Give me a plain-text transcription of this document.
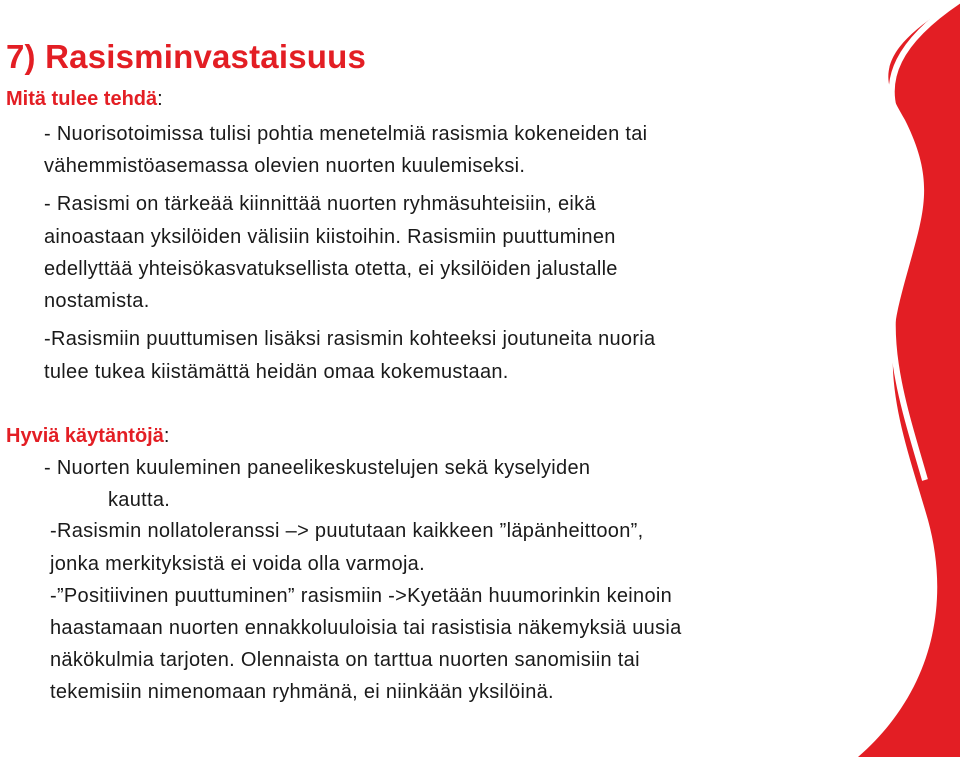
7) Rasisminvastaisuus
Mitä tulee tehdä:

- Nuorisotoimissa tulisi pohtia menetelmiä rasismia kokeneiden tai

vähemmistöasemassa olevien nuorten kuulemiseksi.

- Rasismi on tärkeää kiinnittää nuorten ryhmäsuhteisiin, eikä

ainoastaan yksilöiden välisiin kiistoihin. Rasismiin puuttuminen

edellyttää yhteisökasvatuksellista otetta, ei yksilöiden jalustalle

nostamista.

-Rasismiin puuttumisen lisäksi rasismin kohteeksi joutuneita nuoria

tulee tukea kiistämättä heidän omaa kokemustaan.

Hyviä käytäntöjä:

- Nuorten kuuleminen paneelikeskustelujen sekä kyselyiden

kautta.

-Rasismin nollatoleranssi –> puututaan kaikkeen ”läpänheittoon”,

jonka merkityksistä ei voida olla varmoja.

-”Positiivinen puuttuminen” rasismiin ->Kyetään huumorinkin keinoin

haastamaan nuorten ennakkoluuloisia tai rasistisia näkemyksiä uusia

näkökulmia tarjoten. Olennaista on tarttua nuorten sanomisiin tai

tekemisiin nimenomaan ryhmänä, ei niinkään yksilöinä.
